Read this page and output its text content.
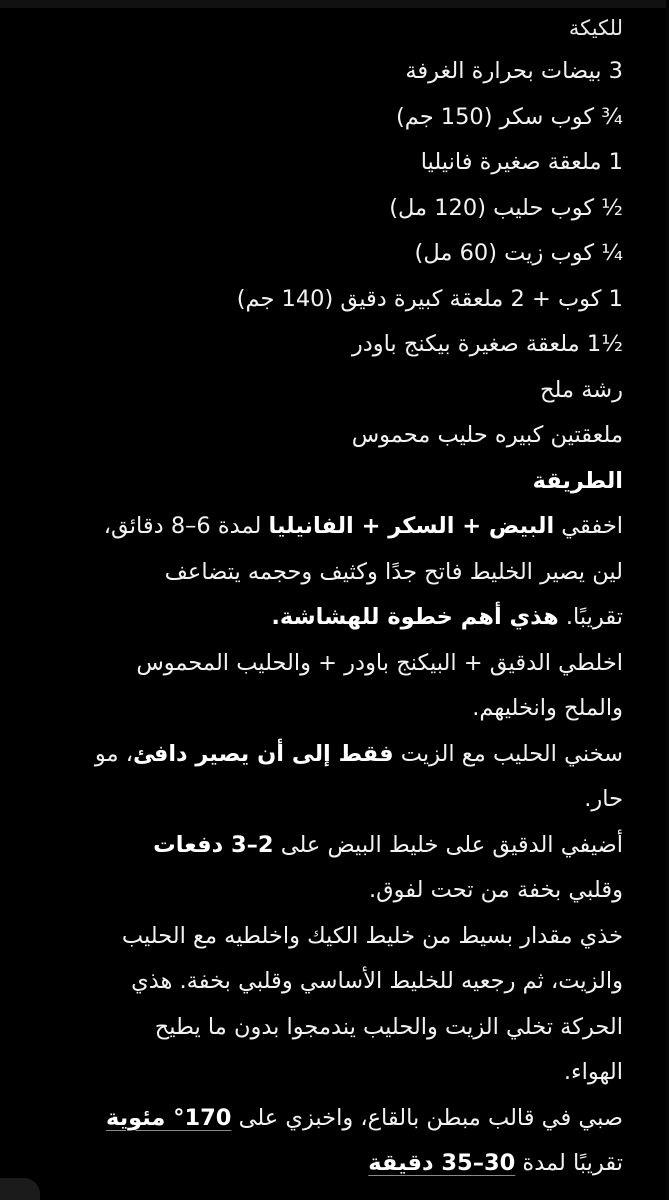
للكيكة

3 بيضات بحرارة الغرفة

¾ كوب سكر (150 جم)

1 ملعقة صغيرة فانيليا

½ كوب حليب (120 مل)

¼ كوب زيت (60 مل)

1 كوب + 2 ملعقة كبيرة دقيق (140 جم)

½1 ملعقة صغيرة بيكنج باودر

رشة ملح

ملعقتين كبيره حليب محموس

الطريقة

اخفقي البيض + السكر + الفانيليا لمدة 6–8 دقائق،

لين يصير الخليط فاتح جدًا وكثيف وحجمه يتضاعف

تقريبًا. هذي أهم خطوة للهشاشة.

اخلطي الدقيق + البيكنج باودر + والحليب المحموس

والملح وانخليهم.

سخني الحليب مع الزيت فقط إلى أن يصير دافئ، مو

حار.

أضيفي الدقيق على خليط البيض على 2–3 دفعات

وقلبي بخفة من تحت لفوق.

خذي مقدار بسيط من خليط الكيك واخلطيه مع الحليب

والزيت، ثم رجعيه للخليط الأساسي وقلبي بخفة. هذي

الحركة تخلي الزيت والحليب يندمجوا بدون ما يطيح

الهواء.

صبي في قالب مبطن بالقاع، واخبزي على 170° مئوية

تقريبًا لمدة 30–35 دقيقة
